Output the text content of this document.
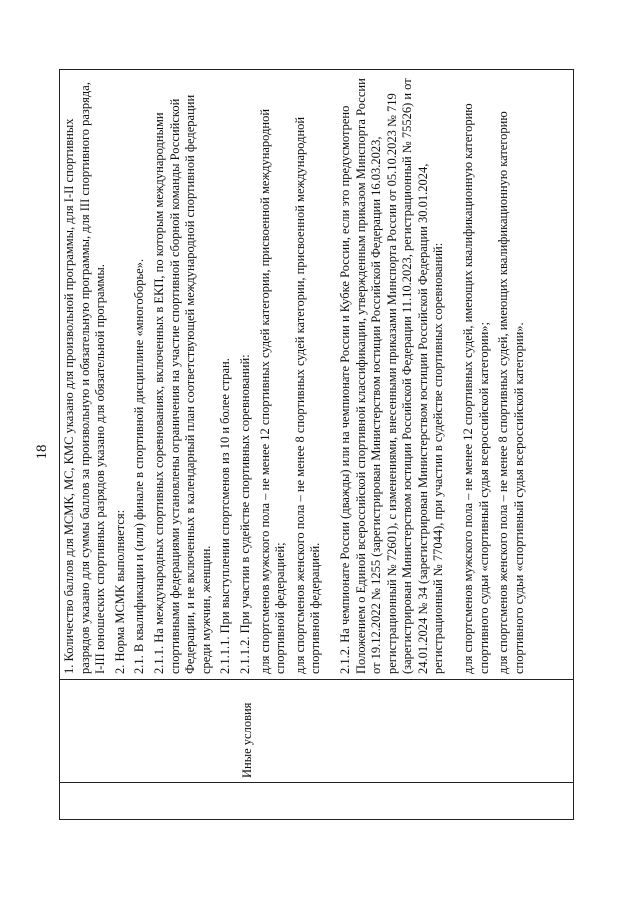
18
Иные условия

1. Количество баллов для МСМК, МС, КМС указано для произвольной программы, для I-II спортивных разрядов указано для суммы баллов за произвольную и обязательную программы, для III спортивного разряда, I-III юношеских спортивных разрядов указано для обязательной программы. 2. Норма МСМК выполняется: 2.1. В квалификации и (или) финале в спортивной дисциплине «многоборье». 2.1.1. На международных спортивных соревнованиях, включенных в ЕКП, по которым международными спортивными федерациями установлены ограничения на участие спортивной сборной команды Российской Федерации, и не включенных в календарный план соответствующей международной спортивной федерации среди мужчин, женщин. 2.1.1.1. При выступлении спортсменов из 10 и более стран. 2.1.1.2. При участии в судействе спортивных соревнований: для спортсменов мужского пола – не менее 12 спортивных судей категории, присвоенной международной спортивной федерацией; для спортсменов женского пола – не менее 8 спортивных судей категории, присвоенной международной спортивной федерацией. 2.1.2. На чемпионате России (дважды) или на чемпионате России и Кубке России, если это предусмотрено Положением о Единой всероссийской спортивной классификации, утвержденным приказом Минспорта России от 19.12.2022 № 1255 (зарегистрирован Министерством юстиции Российской Федерации 16.03.2023, регистрационный № 72601), с изменениями, внесенными приказами Минспорта России от 05.10.2023 № 719 (зарегистрирован Министерством юстиции Российской Федерации 11.10.2023, регистрационный № 75526) и от 24.01.2024 № 34 (зарегистрирован Министерством юстиции Российской Федерации 30.01.2024, регистрационный № 77044), при участии в судействе спортивных соревнований: для спортсменов мужского пола – не менее 12 спортивных судей, имеющих квалификационную категорию спортивного судьи «спортивный судья всероссийской категории»; для спортсменов женского пола – не менее 8 спортивных судей, имеющих квалификационную категорию спортивного судьи «спортивный судья всероссийской категории».
